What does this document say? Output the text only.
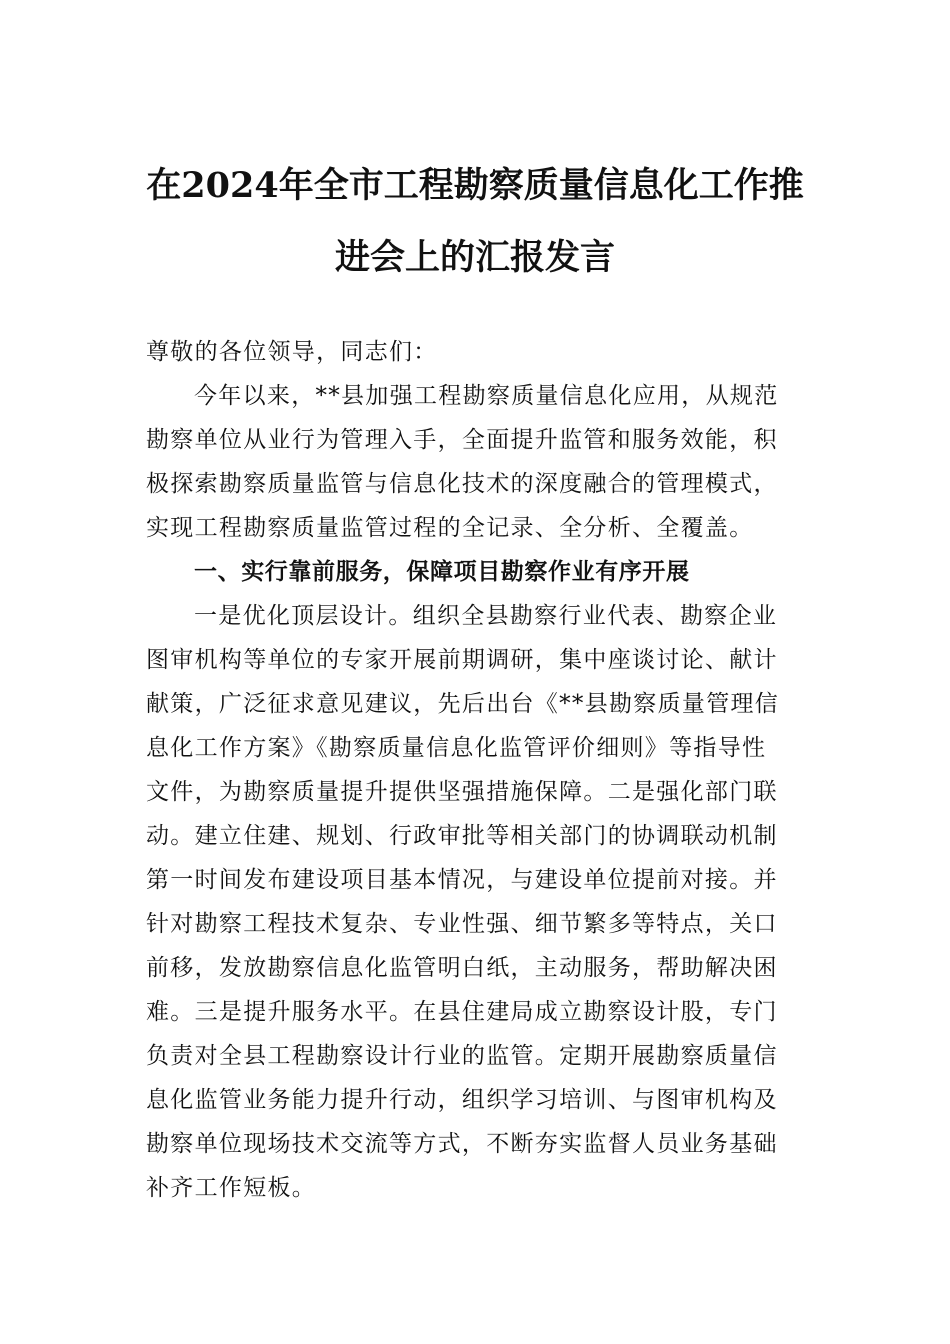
在2024年全市工程勘察质量信息化工作推
进会上的汇报发言
尊敬的各位领导，同志们：
今年以来，**县加强工程勘察质量信息化应用，从规范
勘察单位从业行为管理入手，全面提升监管和服务效能，积
极探索勘察质量监管与信息化技术的深度融合的管理模式，
实现工程勘察质量监管过程的全记录、全分析、全覆盖。
一、实行靠前服务，保障项目勘察作业有序开展
一是优化顶层设计。组织全县勘察行业代表、勘察企业
图审机构等单位的专家开展前期调研，集中座谈讨论、献计
献策，广泛征求意见建议，先后出台《**县勘察质量管理信
息化工作方案》《勘察质量信息化监管评价细则》等指导性
文件，为勘察质量提升提供坚强措施保障。二是强化部门联
动。建立住建、规划、行政审批等相关部门的协调联动机制
第一时间发布建设项目基本情况，与建设单位提前对接。并
针对勘察工程技术复杂、专业性强、细节繁多等特点，关口
前移，发放勘察信息化监管明白纸，主动服务，帮助解决困
难。三是提升服务水平。在县住建局成立勘察设计股，专门
负责对全县工程勘察设计行业的监管。定期开展勘察质量信
息化监管业务能力提升行动，组织学习培训、与图审机构及
勘察单位现场技术交流等方式，不断夯实监督人员业务基础
补齐工作短板。
